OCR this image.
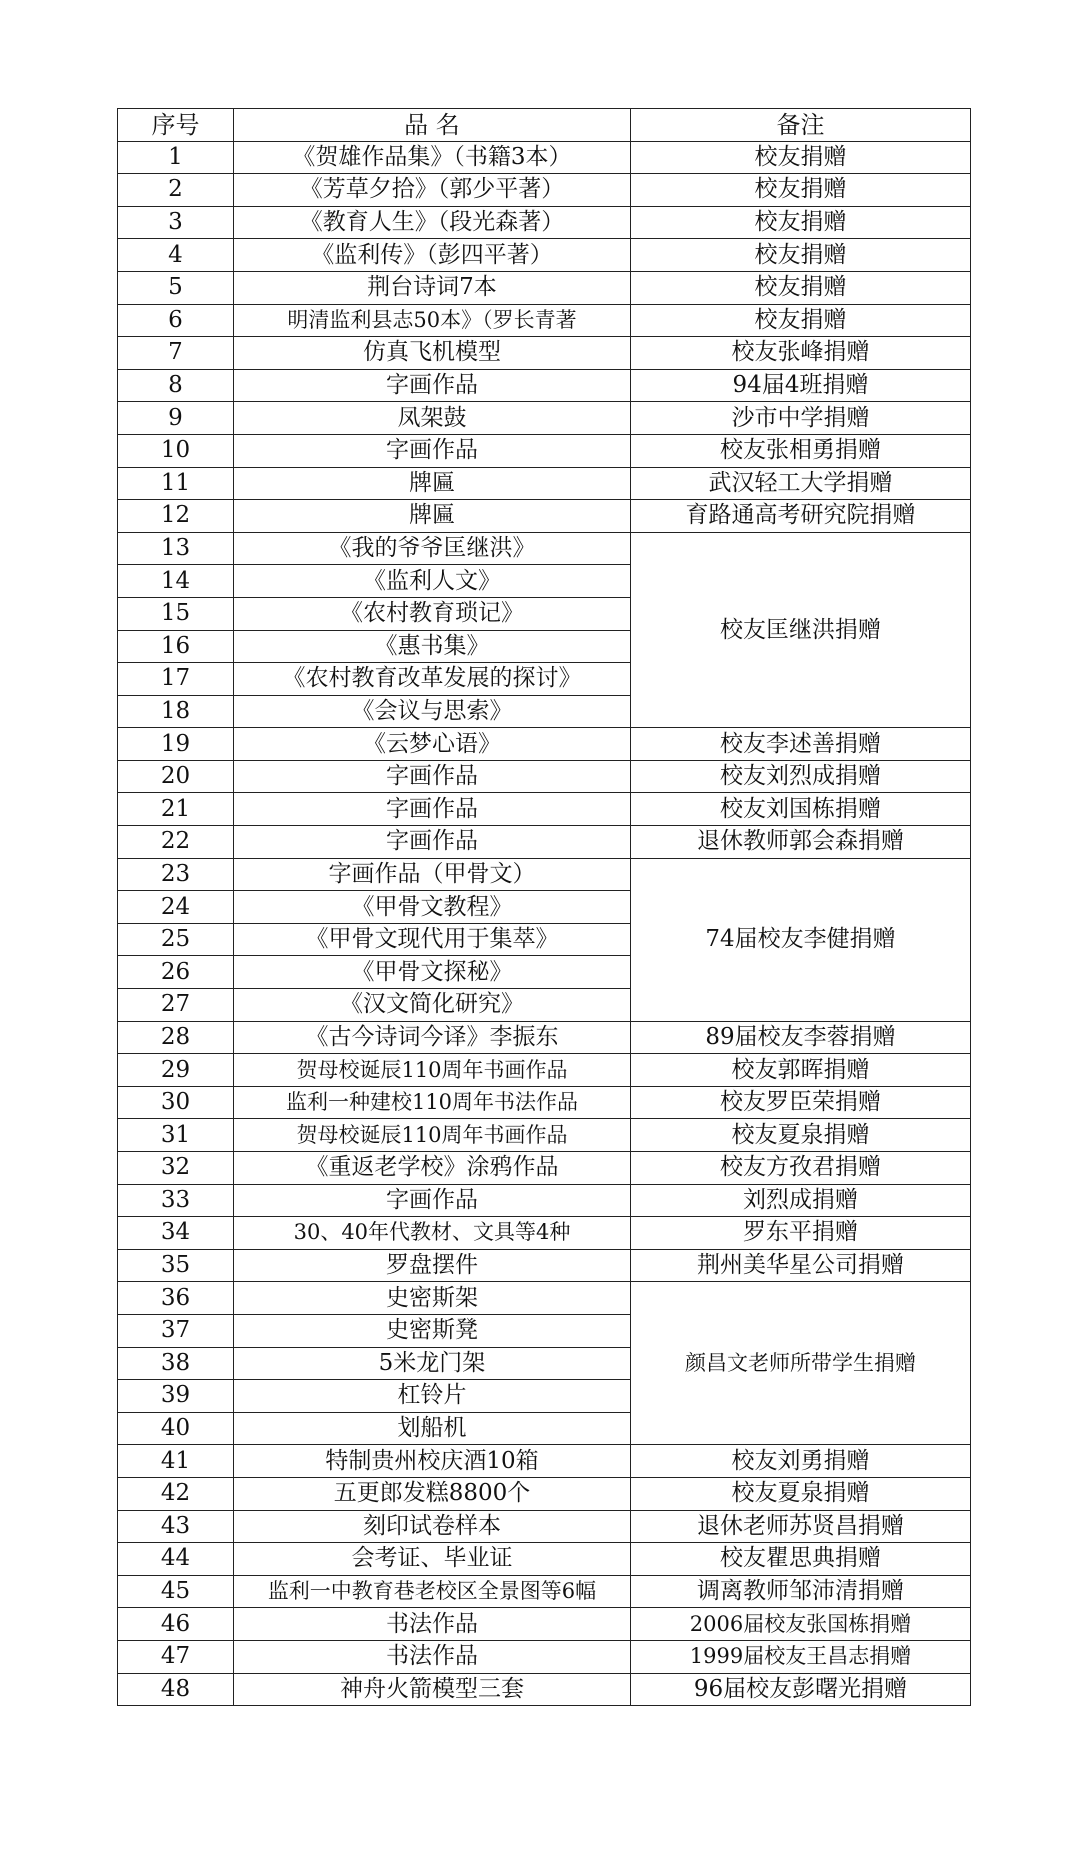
序号	品 名	备注
1	《贺雄作品集》（书籍3本）	校友捐赠
2	《芳草夕拾》（郭少平著）	校友捐赠
3	《教育人生》（段光森著）	校友捐赠
4	《监利传》（彭四平著）	校友捐赠
5	荆台诗词7本	校友捐赠
6	明清监利县志50本》（罗长青著	校友捐赠
7	仿真飞机模型	校友张峰捐赠
8	字画作品	94届4班捐赠
9	凤架鼓	沙市中学捐赠
10	字画作品	校友张相勇捐赠
11	牌匾	武汉轻工大学捐赠
12	牌匾	育路通高考研究院捐赠
13	《我的爷爷匡继洪》	校友匡继洪捐赠
14	《监利人文》	
15	《农村教育琐记》	
16	《惠书集》	
17	《农村教育改革发展的探讨》	
18	《会议与思索》	
19	《云梦心语》	校友李述善捐赠
20	字画作品	校友刘烈成捐赠
21	字画作品	校友刘国栋捐赠
22	字画作品	退休教师郭会森捐赠
23	字画作品（甲骨文）	74届校友李健捐赠
24	《甲骨文教程》	
25	《甲骨文现代用于集萃》	
26	《甲骨文探秘》	
27	《汉文简化研究》	
28	《古今诗词今译》李振东	89届校友李蓉捐赠
29	贺母校诞辰110周年书画作品	校友郭晖捐赠
30	监利一种建校110周年书法作品	校友罗臣荣捐赠
31	贺母校诞辰110周年书画作品	校友夏泉捐赠
32	《重返老学校》涂鸦作品	校友方孜君捐赠
33	字画作品	刘烈成捐赠
34	30、40年代教材、文具等4种	罗东平捐赠
35	罗盘摆件	荆州美华星公司捐赠
36	史密斯架	颜昌文老师所带学生捐赠
37	史密斯凳	
38	5米龙门架	
39	杠铃片	
40	划船机	
41	特制贵州校庆酒10箱	校友刘勇捐赠
42	五更郎发糕8800个	校友夏泉捐赠
43	刻印试卷样本	退休老师苏贤昌捐赠
44	会考证、毕业证	校友瞿思典捐赠
45	监利一中教育巷老校区全景图等6幅	调离教师邹沛清捐赠
46	书法作品	2006届校友张国栋捐赠
47	书法作品	1999届校友王昌志捐赠
48	神舟火箭模型三套	96届校友彭曙光捐赠
